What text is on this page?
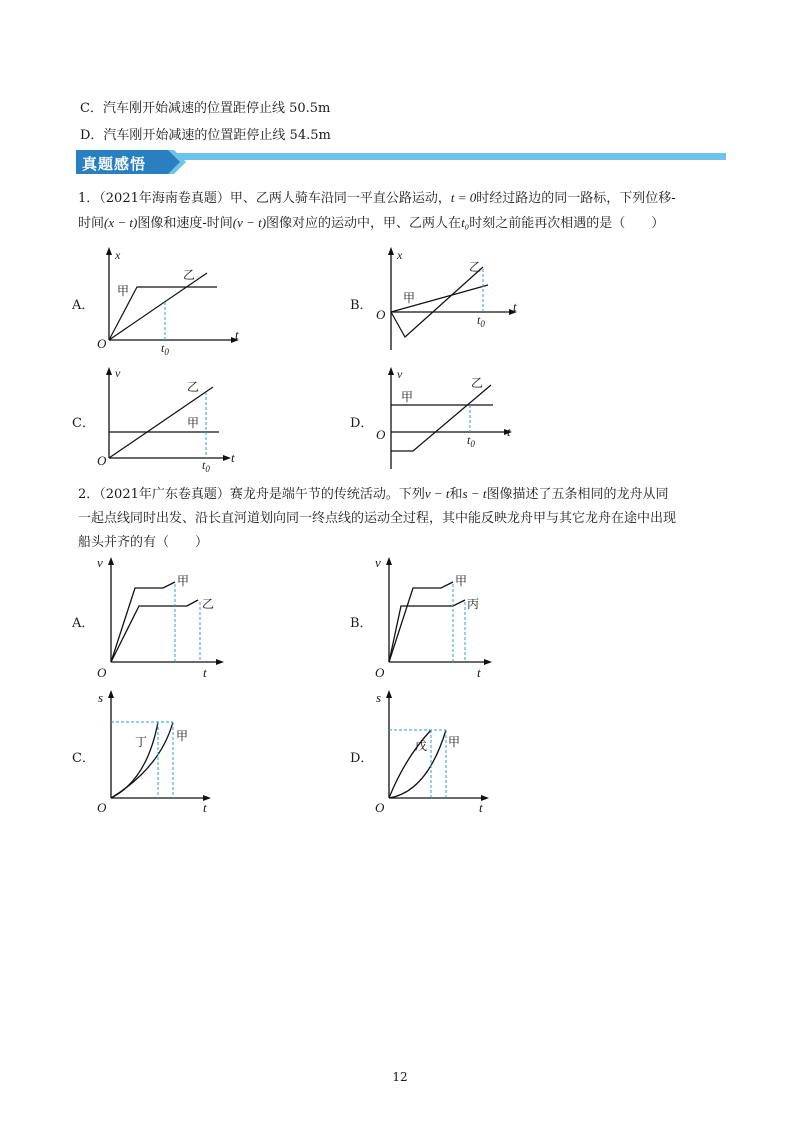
C．汽车刚开始减速的位置距停止线 50.5m
D．汽车刚开始减速的位置距停止线 54.5m
真题感悟
1．（2021年海南卷真题）甲、乙两人骑车沿同一平直公路运动，t = 0时经过路边的同一路标，下列位移-
时间(x − t)图像和速度-时间(v − t)图像对应的运动中，甲、乙两人在t₀时刻之前能再次相遇的是（　　）
A．
x
t
O	$t_0$
甲
乙
B．
x
t
O	$t_0$
甲
乙
C．
v
t
O	$t_0$
甲
乙
D．
v
t
O	$t_0$
甲
乙
2．（2021年广东卷真题）赛龙舟是端午节的传统活动。下列v − t和s − t图像描述了五条相同的龙舟从同
一起点线同时出发、沿长直河道划向同一终点线的运动全过程，其中能反映龙舟甲与其它龙舟在途中出现
船头并齐的有（　　）
A．
v
t
O
甲
乙
B．
v
t
O
甲
丙
C．
s
t
O
甲
丁
D．
s
t
O
甲
戊
12
